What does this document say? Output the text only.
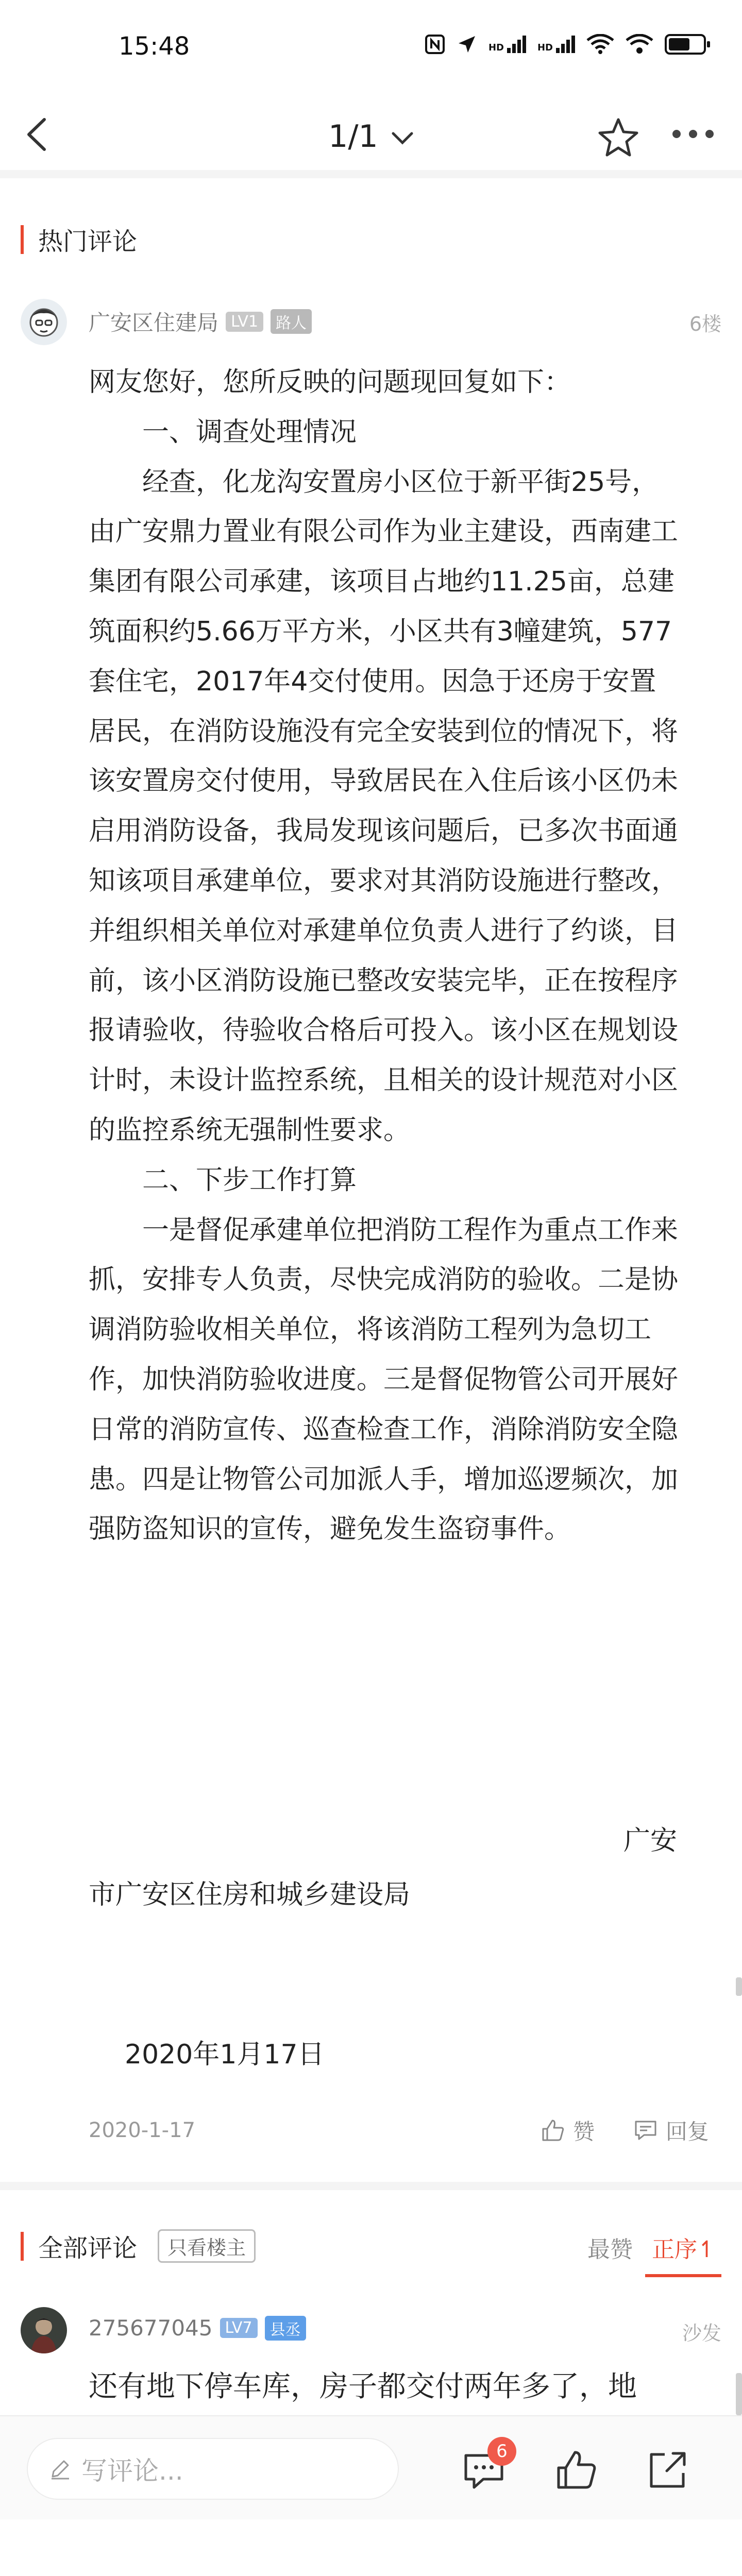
15:48	HD	HD
1/1
热门评论
广安区住建局 LV1	路人	6楼

网友您好，您所反映的问题现回复如下：

一、调查处理情况

经查，化龙沟安置房小区位于新平街25号，由广安鼎力置业有限公司作为业主建设，西南建工集团有限公司承建，该项目占地约11.25亩，总建筑面积约5.66万平方米，小区共有3幢建筑，577套住宅，2017年4交付使用。因急于还房于安置居民，在消防设施没有完全安装到位的情况下，将该安置房交付使用，导致居民在入住后该小区仍未启用消防设备，我局发现该问题后，已多次书面通知该项目承建单位，要求对其消防设施进行整改，并组织相关单位对承建单位负责人进行了约谈，目前，该小区消防设施已整改安装完毕，正在按程序报请验收，待验收合格后可投入。该小区在规划设计时，未设计监控系统，且相关的设计规范对小区的监控系统无强制性要求。

二、下步工作打算

一是督促承建单位把消防工程作为重点工作来抓，安排专人负责，尽快完成消防的验收。二是协调消防验收相关单位，将该消防工程列为急切工作，加快消防验收进度。三是督促物管公司开展好日常的消防宣传、巡查检查工作，消除消防安全隐患。四是让物管公司加派人手，增加巡逻频次，加强防盗知识的宣传，避免发生盗窃事件。

广安
市广安区住房和城乡建设局
2020年1月17日
2020-1-17	赞	回复
全部评论	只看楼主	最赞 正序↿
275677045 LV7	县丞	沙发
还有地下停车库，房子都交付两年多了，地
写评论...
6
